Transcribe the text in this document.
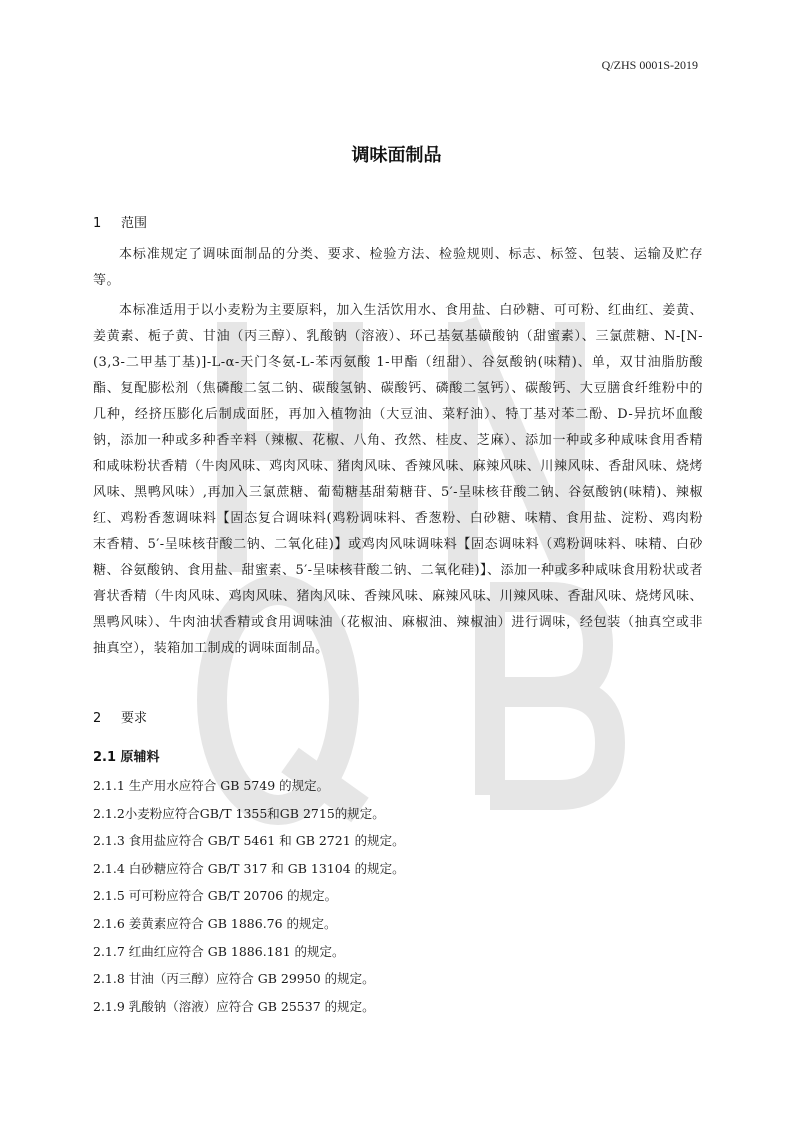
Q/ZHS 0001S-2019
调味面制品
1 范围

本标准规定了调味面制品的分类、要求、检验方法、检验规则、标志、标签、包装、运输及贮存等。

本标准适用于以小麦粉为主要原料，加入生活饮用水、食用盐、白砂糖、可可粉、红曲红、姜黄、姜黄素、栀子黄、甘油（丙三醇）、乳酸钠（溶液）、环己基氨基磺酸钠（甜蜜素）、三氯蔗糖、N-[N-(3,3-二甲基丁基)]-L-α-天门冬氨-L-苯丙氨酸 1-甲酯（纽甜）、谷氨酸钠(味精)、单，双甘油脂肪酸酯、复配膨松剂（焦磷酸二氢二钠、碳酸氢钠、碳酸钙、磷酸二氢钙）、碳酸钙、大豆膳食纤维粉中的几种，经挤压膨化后制成面胚，再加入植物油（大豆油、菜籽油）、特丁基对苯二酚、D-异抗坏血酸钠，添加一种或多种香辛料（辣椒、花椒、八角、孜然、桂皮、芝麻）、添加一种或多种咸味食用香精和咸味粉状香精（牛肉风味、鸡肉风味、猪肉风味、香辣风味、麻辣风味、川辣风味、香甜风味、烧烤风味、黑鸭风味）,再加入三氯蔗糖、葡萄糖基甜菊糖苷、5′-呈味核苷酸二钠、谷氨酸钠(味精)、辣椒红、鸡粉香葱调味料【固态复合调味料(鸡粉调味料、香葱粉、白砂糖、味精、食用盐、淀粉、鸡肉粉末香精、5′-呈味核苷酸二钠、二氧化硅)】或鸡肉风味调味料【固态调味料（鸡粉调味料、味精、白砂糖、谷氨酸钠、食用盐、甜蜜素、5′-呈味核苷酸二钠、二氧化硅)】、添加一种或多种咸味食用粉状或者膏状香精（牛肉风味、鸡肉风味、猪肉风味、香辣风味、麻辣风味、川辣风味、香甜风味、烧烤风味、黑鸭风味）、牛肉油状香精或食用调味油（花椒油、麻椒油、辣椒油）进行调味，经包装（抽真空或非抽真空），装箱加工制成的调味面制品。

2 要求
2.1 原辅料
2.1.1 生产用水应符合 GB 5749 的规定。
2.1.2小麦粉应符合GB/T 1355和GB 2715的规定。
2.1.3 食用盐应符合 GB/T 5461 和 GB 2721 的规定。
2.1.4 白砂糖应符合 GB/T 317 和 GB 13104 的规定。
2.1.5 可可粉应符合 GB/T 20706 的规定。
2.1.6 姜黄素应符合 GB 1886.76 的规定。
2.1.7 红曲红应符合 GB 1886.181 的规定。
2.1.8 甘油（丙三醇）应符合 GB 29950 的规定。
2.1.9 乳酸钠（溶液）应符合 GB 25537 的规定。
